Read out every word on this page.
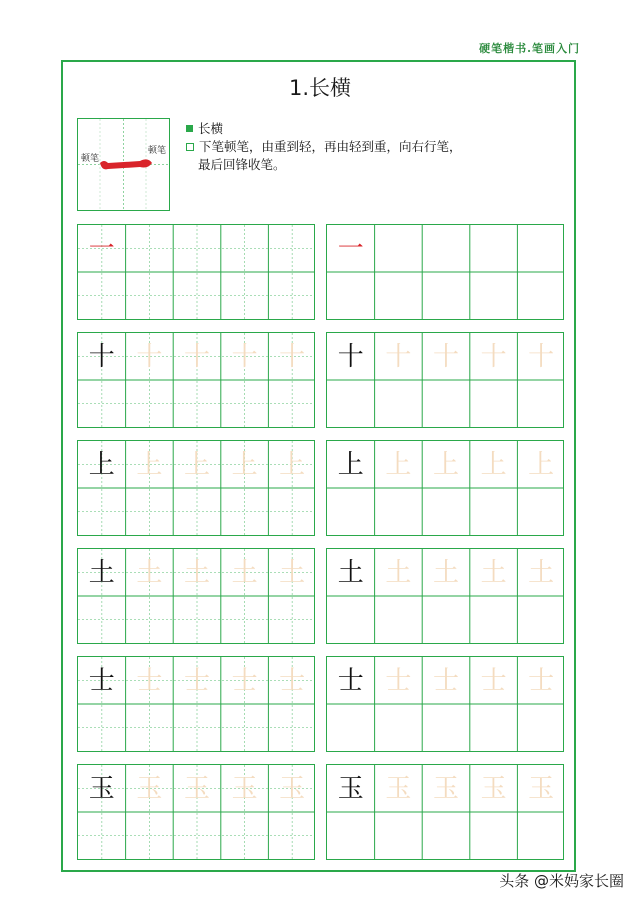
硬笔楷书.笔画入门
1.长横
顿笔
顿笔
长横
下笔顿笔，由重到轻，再由轻到重，向右行笔，
最后回锋收笔。
一	一
十 十 十 十 十	十 十 十 十 十
上 上 上 上 上	上 上 上 上 上
土 土 土 土 土	土 土 土 土 土
士 士 士 士 士	士 士 士 士 士
玉 玉 玉 玉 玉	玉 玉 玉 玉 玉
头条 @米妈家长圈
